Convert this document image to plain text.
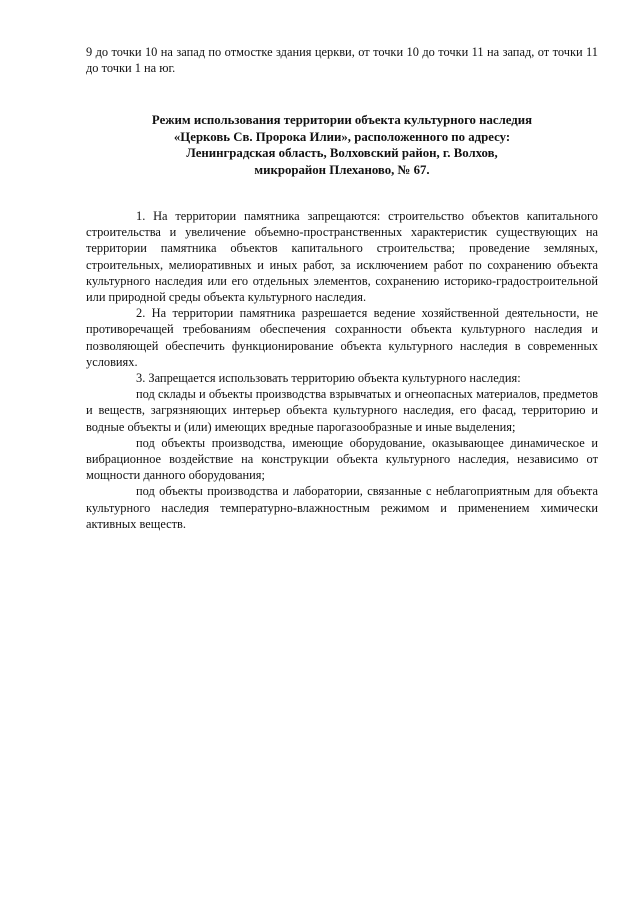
9 до точки 10 на запад по отмостке здания церкви, от точки 10 до точки 11 на запад, от точки 11 до точки 1 на юг.

Режим использования территории объекта культурного наследия
«Церковь Св. Пророка Илии», расположенного по адресу:
Ленинградская область, Волховский район, г. Волхов,
микрорайон Плеханово, № 67.

1. На территории памятника запрещаются: строительство объектов капитального строительства и увеличение объемно-пространственных характеристик существующих на территории памятника объектов капитального строительства; проведение земляных, строительных, мелиоративных и иных работ, за исключением работ по сохранению объекта культурного наследия или его отдельных элементов, сохранению историко-градостроительной или природной среды объекта культурного наследия.

2. На территории памятника разрешается ведение хозяйственной деятельности, не противоречащей требованиям обеспечения сохранности объекта культурного наследия и позволяющей обеспечить функционирование объекта культурного наследия в современных условиях.

3. Запрещается использовать территорию объекта культурного наследия:

под склады и объекты производства взрывчатых и огнеопасных материалов, предметов и веществ, загрязняющих интерьер объекта культурного наследия, его фасад, территорию и водные объекты и (или) имеющих вредные парогазообразные и иные выделения;

под объекты производства, имеющие оборудование, оказывающее динамическое и вибрационное воздействие на конструкции объекта культурного наследия, независимо от мощности данного оборудования;

под объекты производства и лаборатории, связанные с неблагоприятным для объекта культурного наследия температурно-влажностным режимом и применением химически активных веществ.
